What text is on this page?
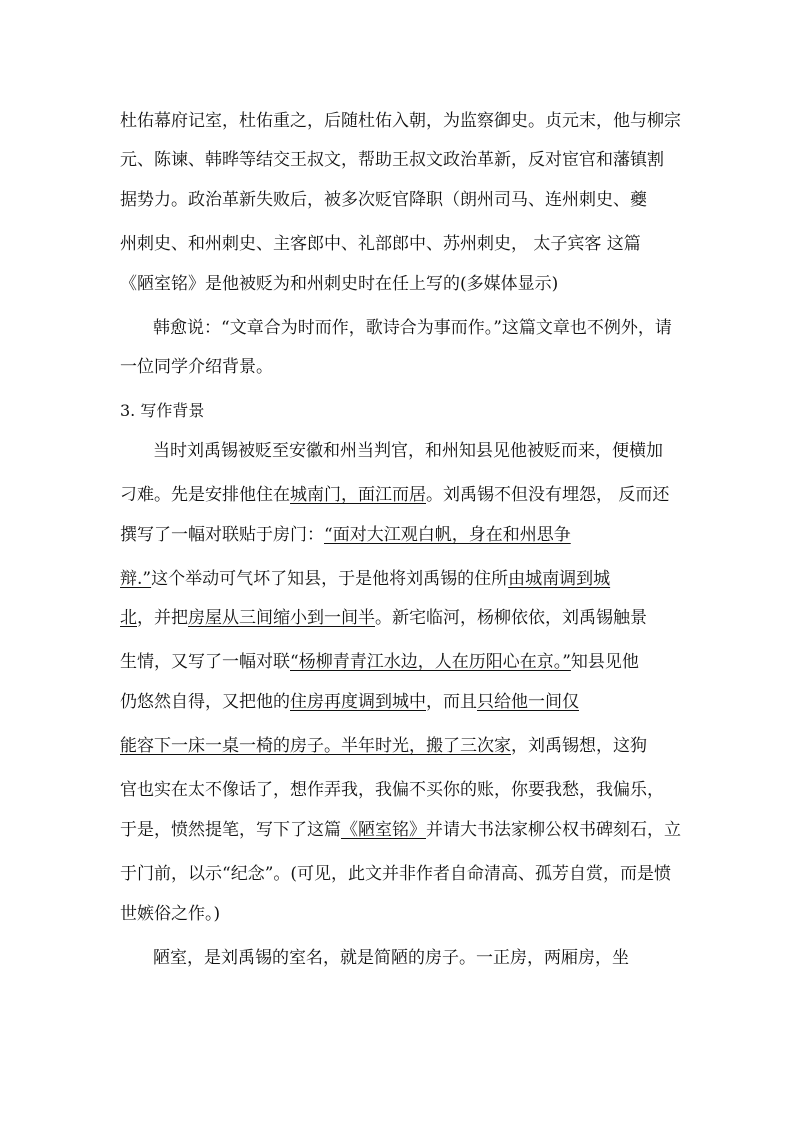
杜佑幕府记室，杜佑重之，后随杜佑入朝，为监察御史。贞元末，他与柳宗
元、陈谏、韩晔等结交王叔文，帮助王叔文政治革新，反对宦官和藩镇割
据势力。政治革新失败后，被多次贬官降职（朗州司马、连州刺史、夔
州刺史、和州刺史、主客郎中、礼部郎中、苏州刺史， 太子宾客 这篇
《陋室铭》是他被贬为和州刺史时在任上写的(多媒体显示)
韩愈说：“文章合为时而作，歌诗合为事而作。”这篇文章也不例外，请
一位同学介绍背景。
3. 写作背景
当时刘禹锡被贬至安徽和州当判官，和州知县见他被贬而来，便横加
刁难。先是安排他住在城南门，面江而居。刘禹锡不但没有埋怨， 反而还
撰写了一幅对联贴于房门：“面对大江观白帆，身在和州思争
辩.”这个举动可气坏了知县，于是他将刘禹锡的住所由城南调到城
北，并把房屋从三间缩小到一间半。新宅临河，杨柳依依，刘禹锡触景
生情，又写了一幅对联“杨柳青青江水边，人在历阳心在京。”知县见他
仍悠然自得，又把他的住房再度调到城中，而且只给他一间仅
能容下一床一桌一椅的房子。半年时光，搬了三次家，刘禹锡想，这狗
官也实在太不像话了，想作弄我，我偏不买你的账，你要我愁，我偏乐，
于是，愤然提笔，写下了这篇《陋室铭》并请大书法家柳公权书碑刻石，立
于门前，以示“纪念”。(可见，此文并非作者自命清高、孤芳自赏，而是愤
世嫉俗之作。)
陋室，是刘禹锡的室名，就是简陋的房子。一正房，两厢房，坐
